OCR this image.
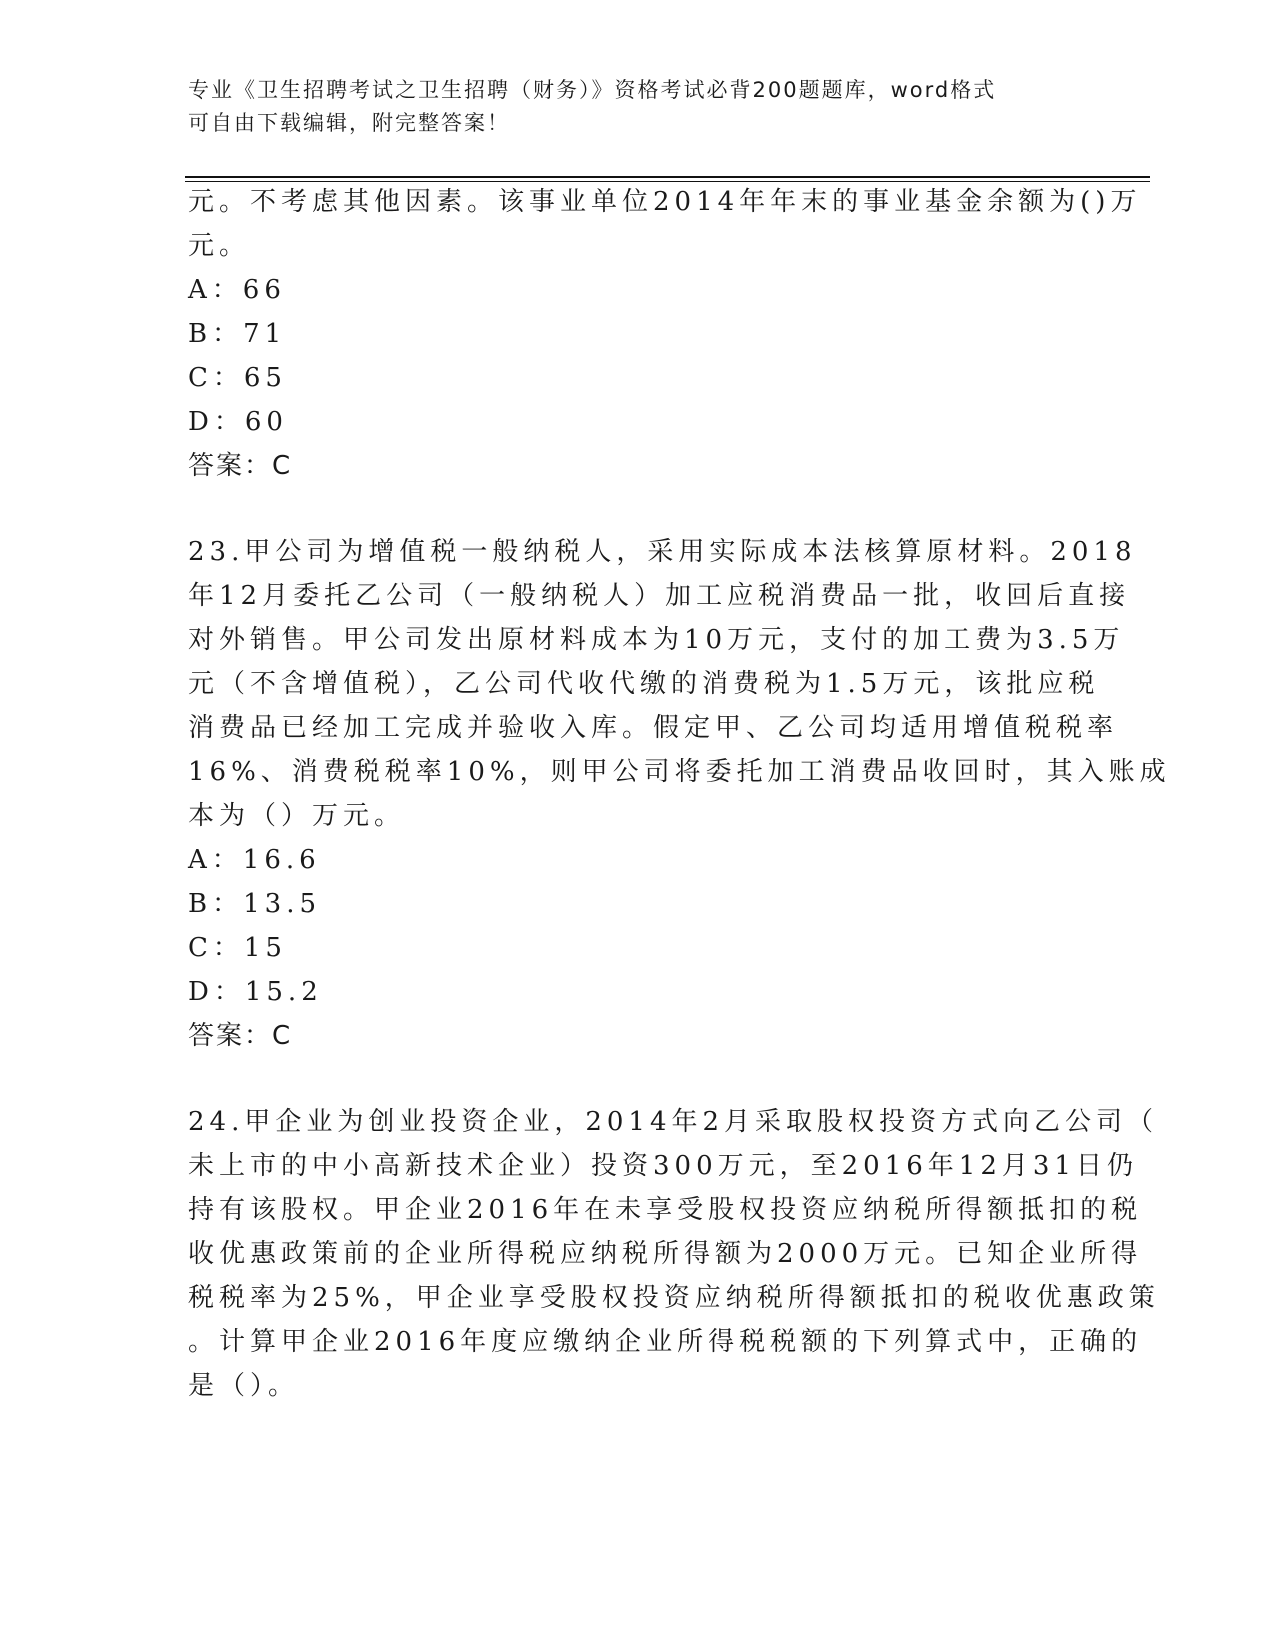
专业《卫生招聘考试之卫生招聘（财务）》资格考试必背200题题库，word格式
可自由下载编辑，附完整答案！
元。不考虑其他因素。该事业单位2014年年末的事业基金余额为()万
元。
A：66
B：71
C：65
D：60
答案：C
23.甲公司为增值税一般纳税人，采用实际成本法核算原材料。2018
年12月委托乙公司（一般纳税人）加工应税消费品一批，收回后直接
对外销售。甲公司发出原材料成本为10万元，支付的加工费为3.5万
元（不含增值税），乙公司代收代缴的消费税为1.5万元，该批应税
消费品已经加工完成并验收入库。假定甲、乙公司均适用增值税税率
16%、消费税税率10%，则甲公司将委托加工消费品收回时，其入账成
本为（）万元。
A：16.6
B：13.5
C：15
D：15.2
答案：C
24.甲企业为创业投资企业，2014年2月采取股权投资方式向乙公司（
未上市的中小高新技术企业）投资300万元，至2016年12月31日仍
持有该股权。甲企业2016年在未享受股权投资应纳税所得额抵扣的税
收优惠政策前的企业所得税应纳税所得额为2000万元。已知企业所得
税税率为25%，甲企业享受股权投资应纳税所得额抵扣的税收优惠政策
。计算甲企业2016年度应缴纳企业所得税税额的下列算式中，正确的
是（）。
